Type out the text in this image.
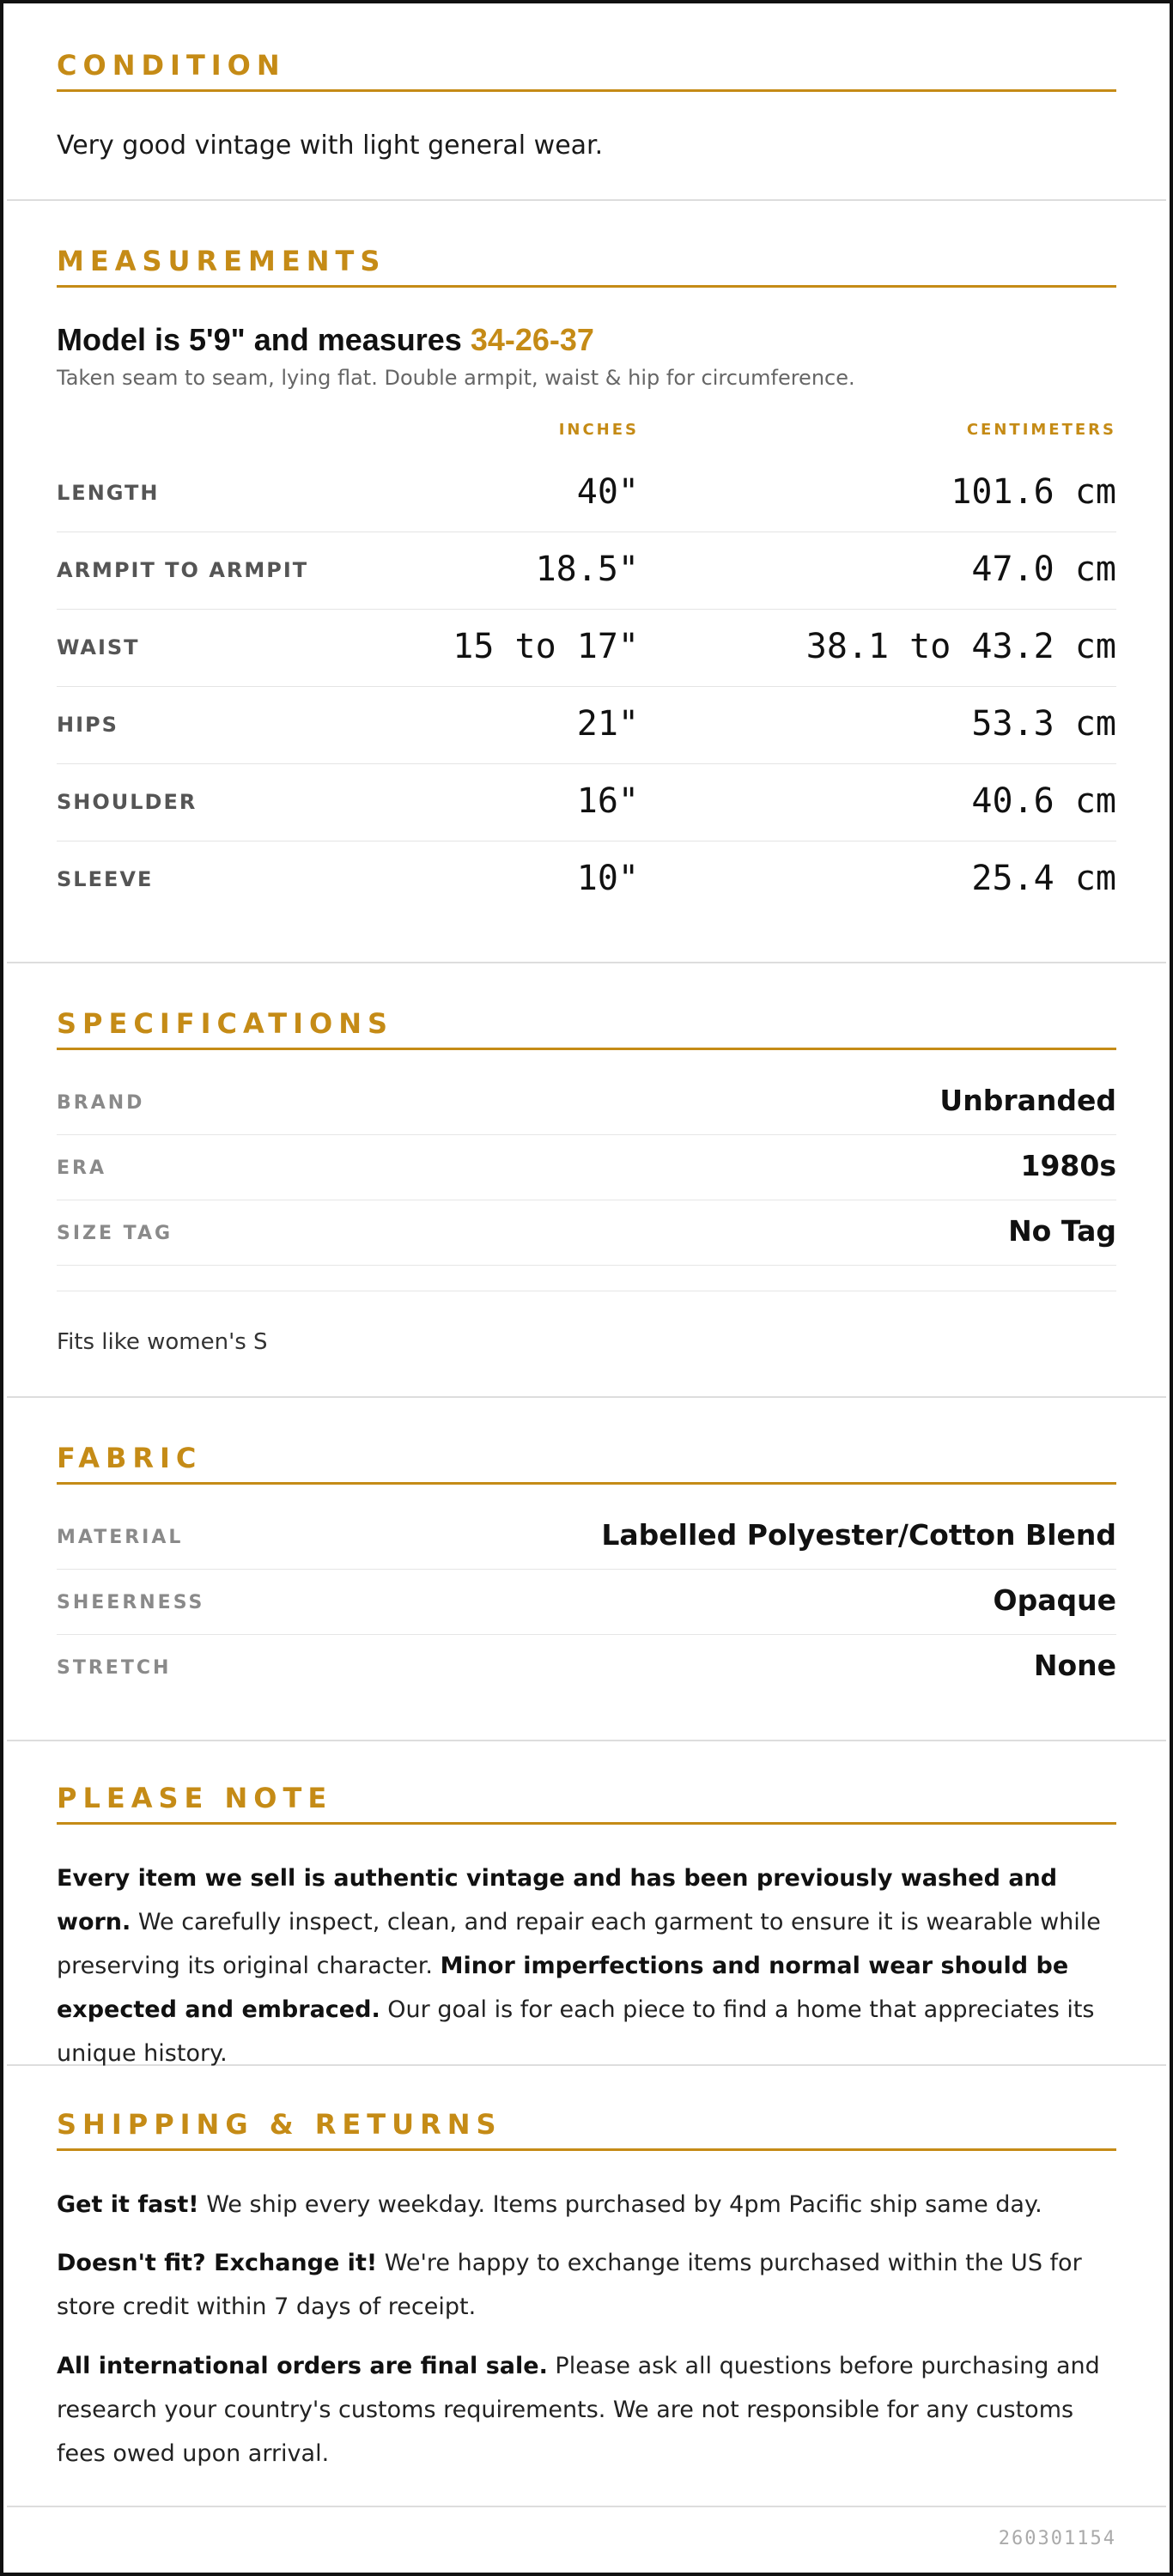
CONDITION
Very good vintage with light general wear.
MEASUREMENTS
Model is 5'9" and measures 34-26-37
Taken seam to seam, lying flat. Double armpit, waist & hip for circumference.
INCHES	CENTIMETERS
LENGTH	40"	101.6 cm
ARMPIT TO ARMPIT	18.5"	47.0 cm
WAIST	15 to 17"	38.1 to 43.2 cm
HIPS	21"	53.3 cm
SHOULDER	16"	40.6 cm
SLEEVE	10"	25.4 cm
SPECIFICATIONS
BRAND	Unbranded
ERA	1980s
SIZE TAG	No Tag
Fits like women's S
FABRIC
MATERIAL	Labelled Polyester/Cotton Blend
SHEERNESS	Opaque
STRETCH	None
PLEASE NOTE
Every item we sell is authentic vintage and has been previously washed and worn. We carefully inspect, clean, and repair each garment to ensure it is wearable while preserving its original character. Minor imperfections and normal wear should be expected and embraced. Our goal is for each piece to find a home that appreciates its unique history.
SHIPPING & RETURNS
Get it fast! We ship every weekday. Items purchased by 4pm Pacific ship same day.
Doesn't fit? Exchange it! We're happy to exchange items purchased within the US for store credit within 7 days of receipt.
All international orders are final sale. Please ask all questions before purchasing and research your country's customs requirements. We are not responsible for any customs fees owed upon arrival.
260301154
